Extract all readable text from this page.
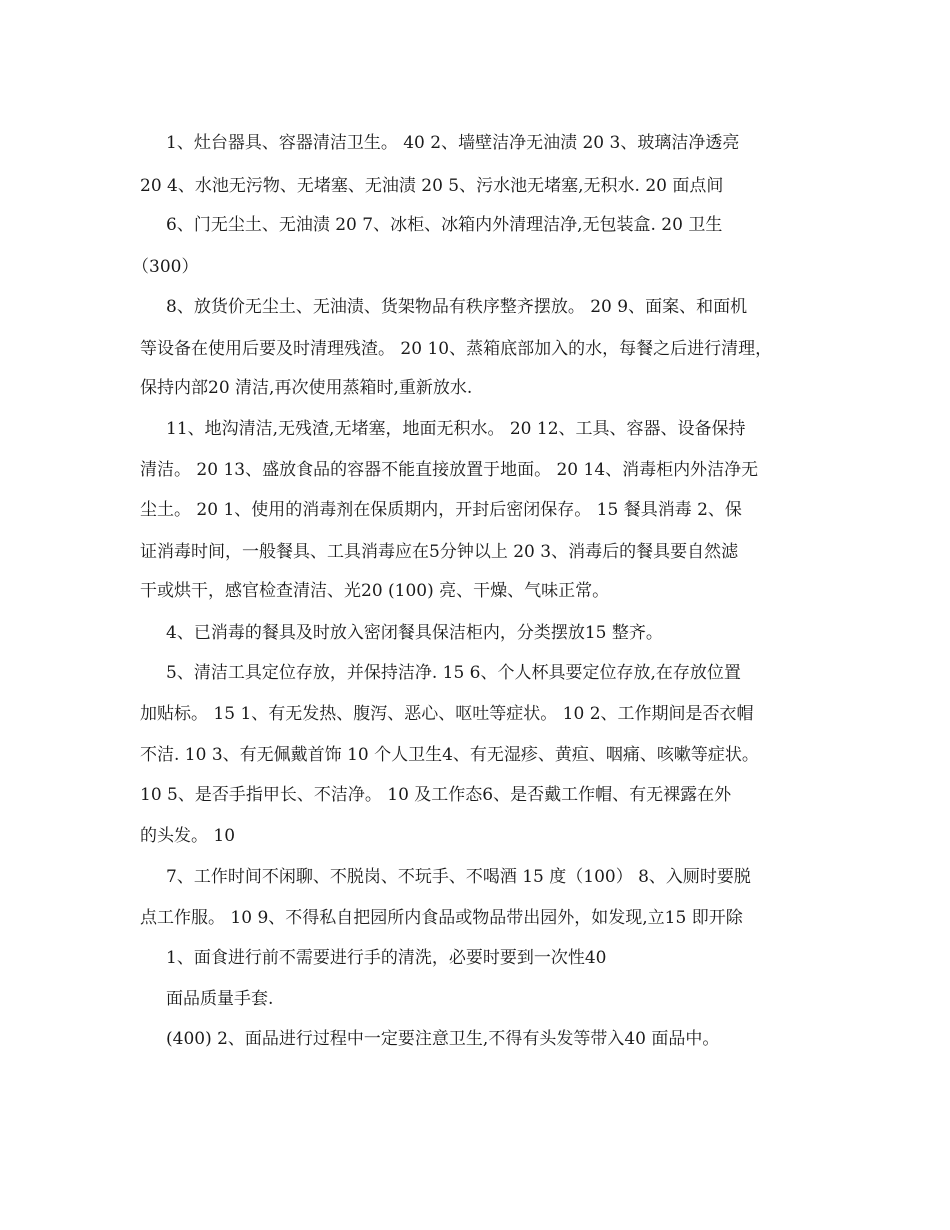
1、灶台器具、容器清洁卫生。 40 2、墙壁洁净无油渍 20 3、玻璃洁净透亮
20 4、水池无污物、无堵塞、无油渍 20 5、污水池无堵塞,无积水. 20 面点间
6、门无尘土、无油渍 20 7、冰柜、冰箱内外清理洁净,无包装盒. 20 卫生
（300）
8、放货价无尘土、无油渍、货架物品有秩序整齐摆放。 20 9、面案、和面机
等设备在使用后要及时清理残渣。 20 10、蒸箱底部加入的水，每餐之后进行清理，
保持内部20 清洁,再次使用蒸箱时,重新放水.
11、地沟清洁,无残渣,无堵塞，地面无积水。 20 12、工具、容器、设备保持
清洁。 20 13、盛放食品的容器不能直接放置于地面。 20 14、消毒柜内外洁净无
尘土。 20 1、使用的消毒剂在保质期内，开封后密闭保存。 15 餐具消毒 2、保
证消毒时间，一般餐具、工具消毒应在5分钟以上 20 3、消毒后的餐具要自然滤
干或烘干，感官检查清洁、光20 (100) 亮、干燥、气味正常。
4、已消毒的餐具及时放入密闭餐具保洁柜内，分类摆放15 整齐。
5、清洁工具定位存放，并保持洁净. 15 6、个人杯具要定位存放,在存放位置
加贴标。 15 1、有无发热、腹泻、恶心、呕吐等症状。 10 2、工作期间是否衣帽
不洁. 10 3、有无佩戴首饰 10 个人卫生4、有无湿疹、黄疸、咽痛、咳嗽等症状。
10 5、是否手指甲长、不洁净。 10 及工作态6、是否戴工作帽、有无裸露在外
的头发。 10
7、工作时间不闲聊、不脱岗、不玩手、不喝酒 15 度（100） 8、入厕时要脱
点工作服。 10 9、不得私自把园所内食品或物品带出园外，如发现,立15 即开除
1、面食进行前不需要进行手的清洗，必要时要到一次性40
面品质量手套.
(400) 2、面品进行过程中一定要注意卫生,不得有头发等带入40 面品中。
